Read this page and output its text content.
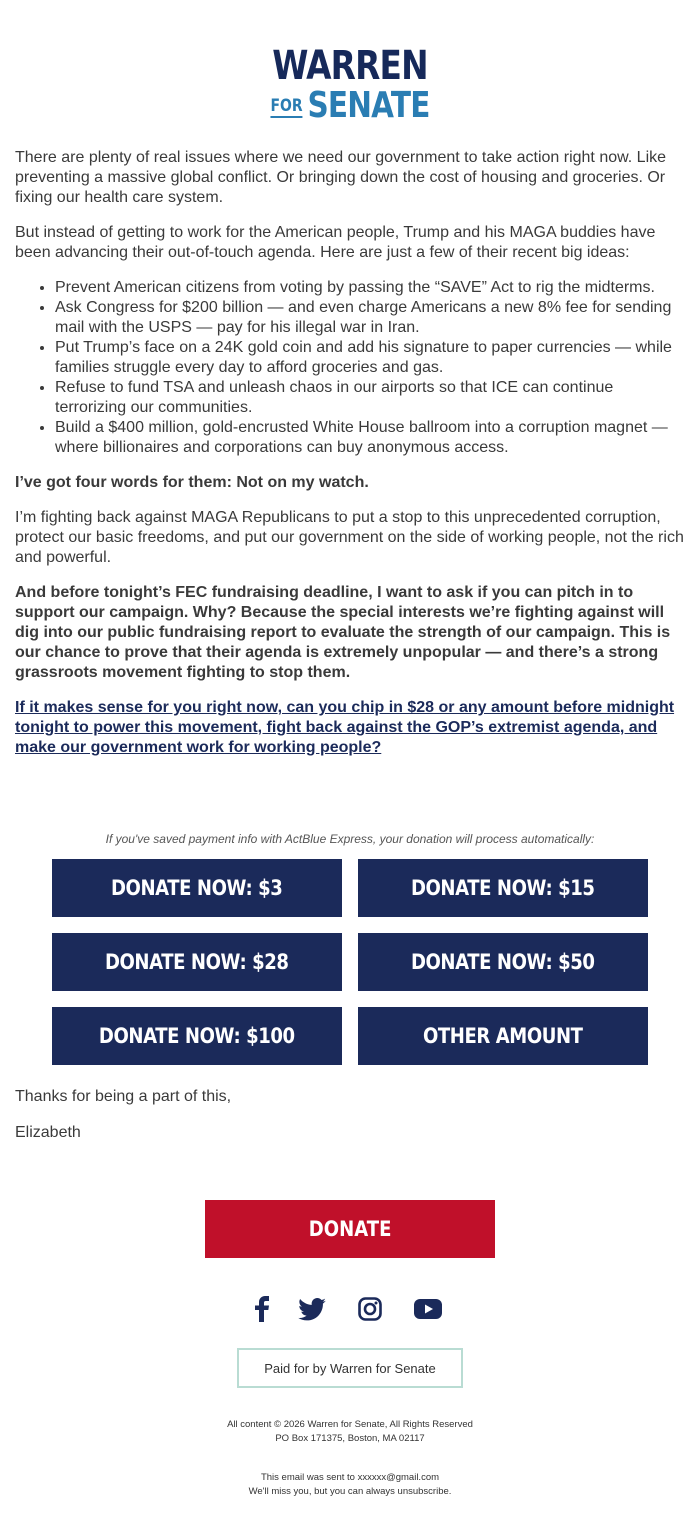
WARREN
FOR SENATE

There are plenty of real issues where we need our government to take action right now. Like preventing a massive global conflict. Or bringing down the cost of housing and groceries. Or fixing our health care system.

But instead of getting to work for the American people, Trump and his MAGA buddies have been advancing their out-of-touch agenda. Here are just a few of their recent big ideas:

• Prevent American citizens from voting by passing the “SAVE” Act to rig the midterms.
• Ask Congress for $200 billion — and even charge Americans a new 8% fee for sending mail with the USPS — pay for his illegal war in Iran.
• Put Trump’s face on a 24K gold coin and add his signature to paper currencies — while families struggle every day to afford groceries and gas.
• Refuse to fund TSA and unleash chaos in our airports so that ICE can continue terrorizing our communities.
• Build a $400 million, gold-encrusted White House ballroom into a corruption magnet — where billionaires and corporations can buy anonymous access.

I’ve got four words for them: Not on my watch.

I’m fighting back against MAGA Republicans to put a stop to this unprecedented corruption, protect our basic freedoms, and put our government on the side of working people, not the rich and powerful.

And before tonight’s FEC fundraising deadline, I want to ask if you can pitch in to support our campaign. Why? Because the special interests we’re fighting against will dig into our public fundraising report to evaluate the strength of our campaign. This is our chance to prove that their agenda is extremely unpopular — and there’s a strong grassroots movement fighting to stop them.

If it makes sense for you right now, can you chip in $28 or any amount before midnight tonight to power this movement, fight back against the GOP’s extremist agenda, and make our government work for working people?

If you've saved payment info with ActBlue Express, your donation will process automatically:
DONATE NOW: $3	DONATE NOW: $15
DONATE NOW: $28	DONATE NOW: $50
DONATE NOW: $100	OTHER AMOUNT
Thanks for being a part of this,
Elizabeth
DONATE
Paid for by Warren for Senate
All content © 2026 Warren for Senate, All Rights Reserved
PO Box 171375, Boston, MA 02117
This email was sent to xxxxxx@gmail.com
We'll miss you, but you can always unsubscribe.
